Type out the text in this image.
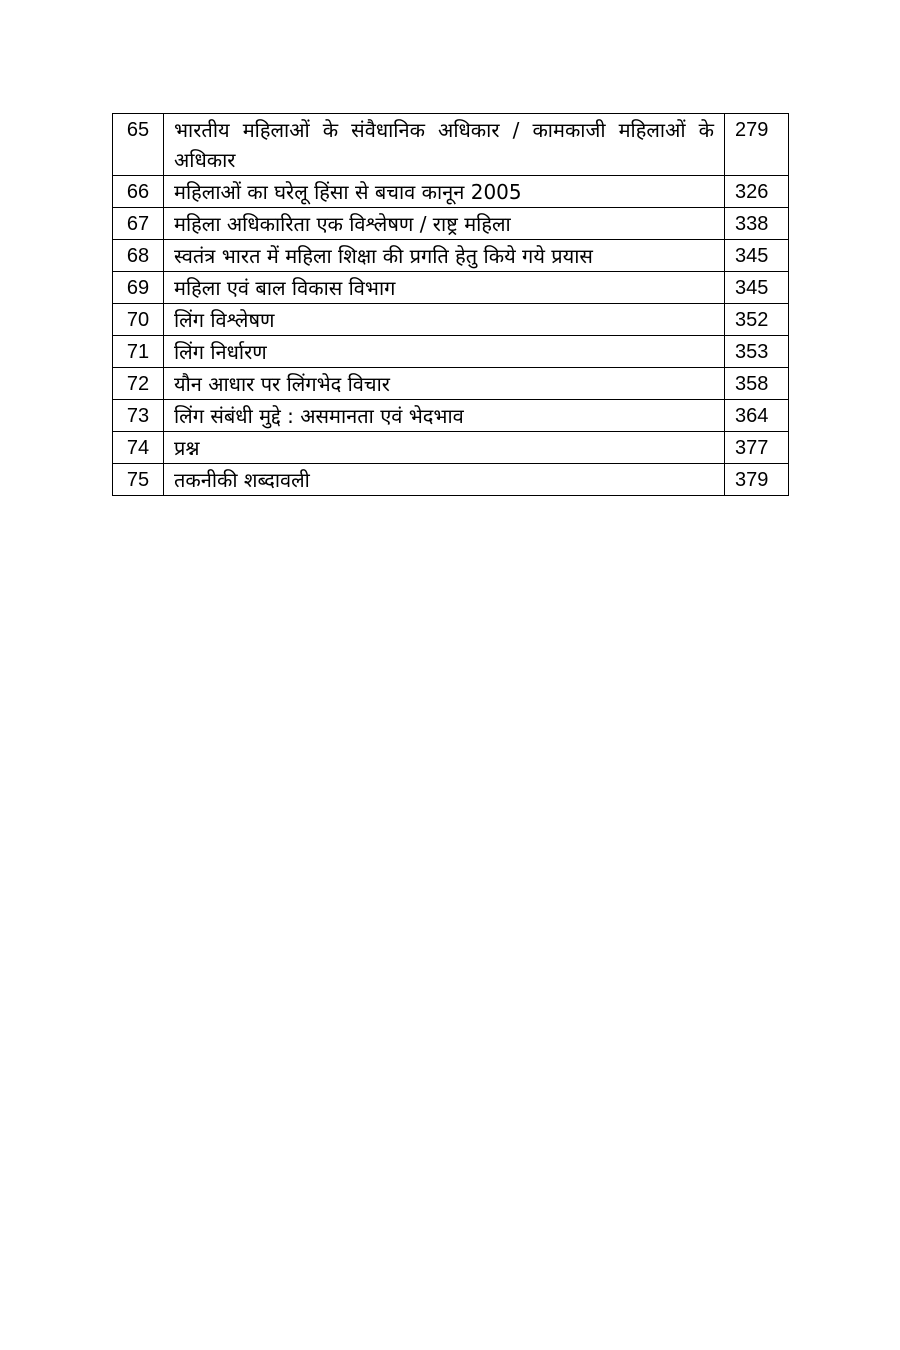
65	भारतीय महिलाओं के संवैधानिक अधिकार / कामकाजी महिलाओं के अधिकार	279
66	महिलाओं का घरेलू हिंसा से बचाव कानून 2005	326
67	महिला अधिकारिता एक विश्लेषण / राष्ट्र महिला	338
68	स्वतंत्र भारत में महिला शिक्षा की प्रगति हेतु किये गये प्रयास	345
69	महिला एवं बाल विकास विभाग	345
70	लिंग विश्लेषण	352
71	लिंग निर्धारण	353
72	यौन आधार पर लिंगभेद विचार	358
73	लिंग संबंधी मुद्दे : असमानता एवं भेदभाव	364
74	प्रश्न	377
75	तकनीकी शब्दावली	379
